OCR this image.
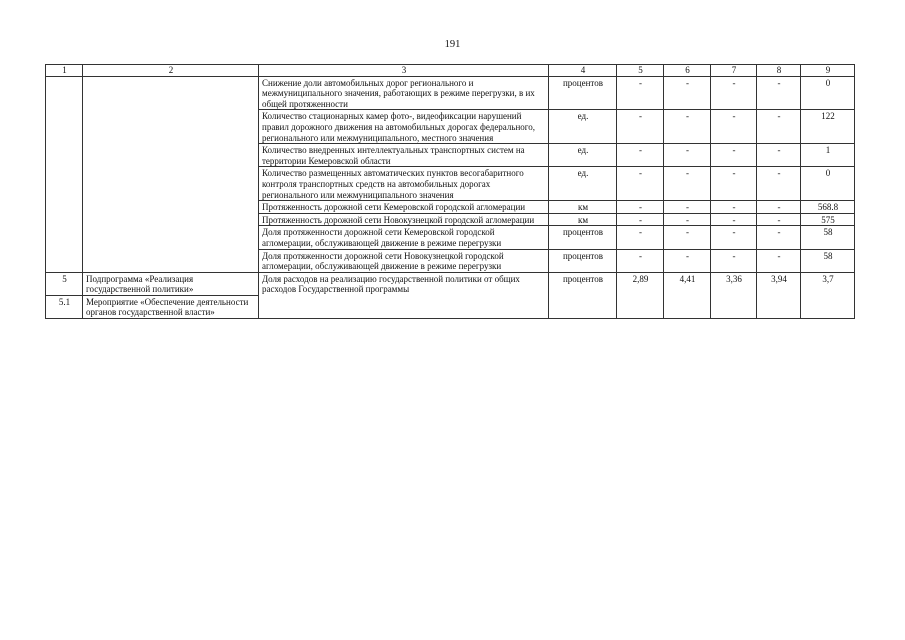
191
1	2	3	4	5	6	7	8	9
		Снижение доли автомобильных дорог регионального и межмуниципального значения, работающих в режиме перегрузки, в их общей протяженности	процентов	-	-	-	-	0
		Количество стационарных камер фото-, видеофиксации нарушений правил дорожного движения на автомобильных дорогах федерального, регионального или межмуниципального, местного значения	ед.	-	-	-	-	122
		Количество внедренных интеллектуальных транспортных систем на территории Кемеровской области	ед.	-	-	-	-	1
		Количество размещенных автоматических пунктов весогабаритного контроля транспортных средств на автомобильных дорогах регионального или межмуниципального значения	ед.	-	-	-	-	0
		Протяженность дорожной сети Кемеровской городской агломерации	км	-	-	-	-	568.8
		Протяженность дорожной сети Новокузнецкой городской агломерации	км	-	-	-	-	575
		Доля протяженности дорожной сети Кемеровской городской агломерации, обслуживающей движение в режиме перегрузки	процентов	-	-	-	-	58
		Доля протяженности дорожной сети Новокузнецкой городской агломерации, обслуживающей движение в режиме перегрузки	процентов	-	-	-	-	58
5	Подпрограмма «Реализация государственной политики»	Доля расходов на реализацию государственной политики от общих расходов Государственной программы	процентов	2,89	4,41	3,36	3,94	3,7
5.1	Мероприятие «Обеспечение деятельности органов государственной власти»							
